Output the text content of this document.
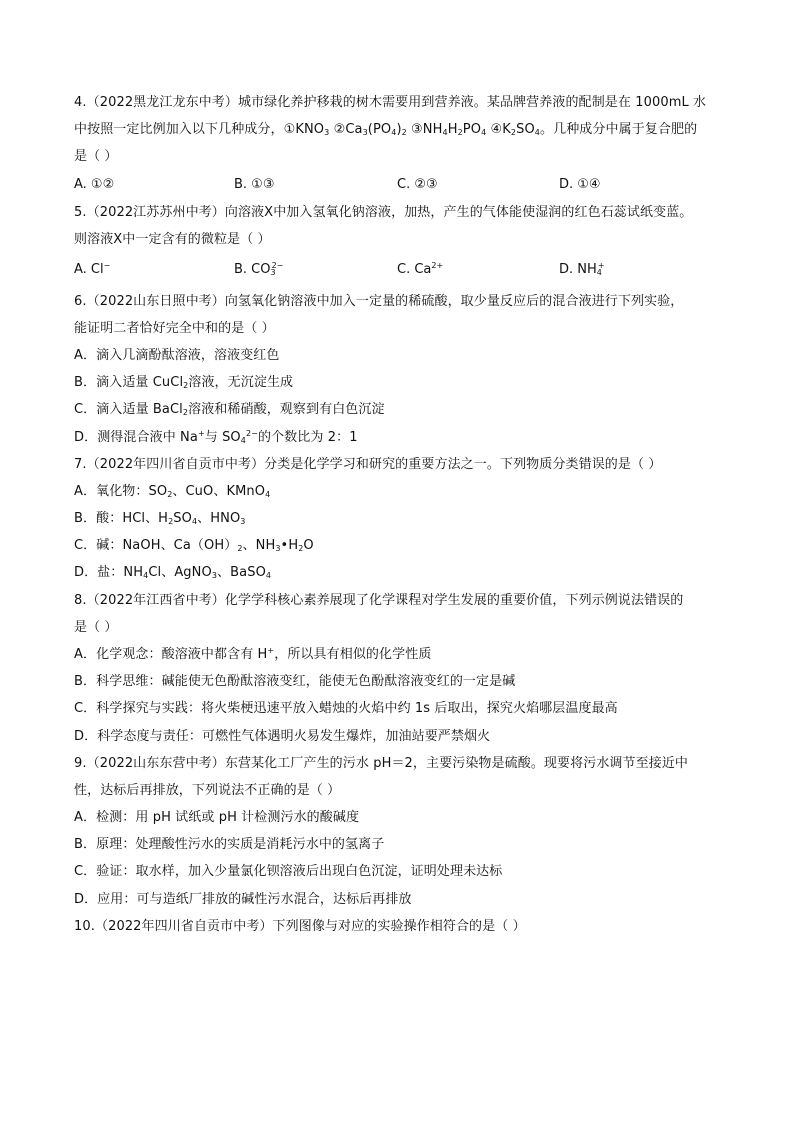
4.（2022黑龙江龙东中考）城市绿化养护移栽的树木需要用到营养液。某品牌营养液的配制是在 1000mL 水
中按照一定比例加入以下几种成分，$①KNO_3$ $②Ca_3(PO_4)_2$ $③NH_4H_2PO_4$ $④K_2SO_4$。几种成分中属于复合肥的
是（ ）
A. ①②	B. ①③	C. ②③	D. ①④
5.（2022江苏苏州中考）向溶液X中加入氢氧化钠溶液，加热，产生的气体能使湿润的红色石蕊试纸变蓝。
则溶液X中一定含有的微粒是（ ）
A. Cl−	B. $CO_3^{2-}$	C. $Ca^{2+}$	D. $NH_4^+$
6.（2022山东日照中考）向氢氧化钠溶液中加入一定量的稀硫酸，取少量反应后的混合液进行下列实验，
能证明二者恰好完全中和的是（ ）
A．滴入几滴酚酞溶液，溶液变红色
B．滴入适量 CuCl$_2$溶液，无沉淀生成
C．滴入适量 BaCl$_2$溶液和稀硝酸，观察到有白色沉淀
D．测得混合液中 Na+与 $SO_4^{2-}$的个数比为 2：1
7.（2022年四川省自贡市中考）分类是化学学习和研究的重要方法之一。下列物质分类错误的是（ ）
A．氧化物：$SO_2$、CuO、KMnO$_4$
B．酸：HCl、$H_2SO_4$、$HNO_3$
C．碱：NaOH、$Ca(OH)_2$、$NH_3•H_2O$
D．盐：$NH_4Cl$、AgNO$_3$、BaSO$_4$
8.（2022年江西省中考）化学学科核心素养展现了化学课程对学生发展的重要价值，下列示例说法错误的
是（ ）
A．化学观念：酸溶液中都含有 H+，所以具有相似的化学性质
B．科学思维：碱能使无色酚酞溶液变红，能使无色酚酞溶液变红的一定是碱
C．科学探究与实践：将火柴梗迅速平放入蜡烛的火焰中约 1s 后取出，探究火焰哪层温度最高
D．科学态度与责任：可燃性气体遇明火易发生爆炸，加油站要严禁烟火
9.（2022山东东营中考）东营某化工厂产生的污水 pH＝2，主要污染物是硫酸。现要将污水调节至接近中
性，达标后再排放，下列说法不正确的是（ ）
A．检测：用 pH 试纸或 pH 计检测污水的酸碱度
B．原理：处理酸性污水的实质是消耗污水中的氢离子
C．验证：取水样，加入少量氯化钡溶液后出现白色沉淀，证明处理未达标
D．应用：可与造纸厂排放的碱性污水混合，达标后再排放
10.（2022年四川省自贡市中考）下列图像与对应的实验操作相符合的是（ ）
